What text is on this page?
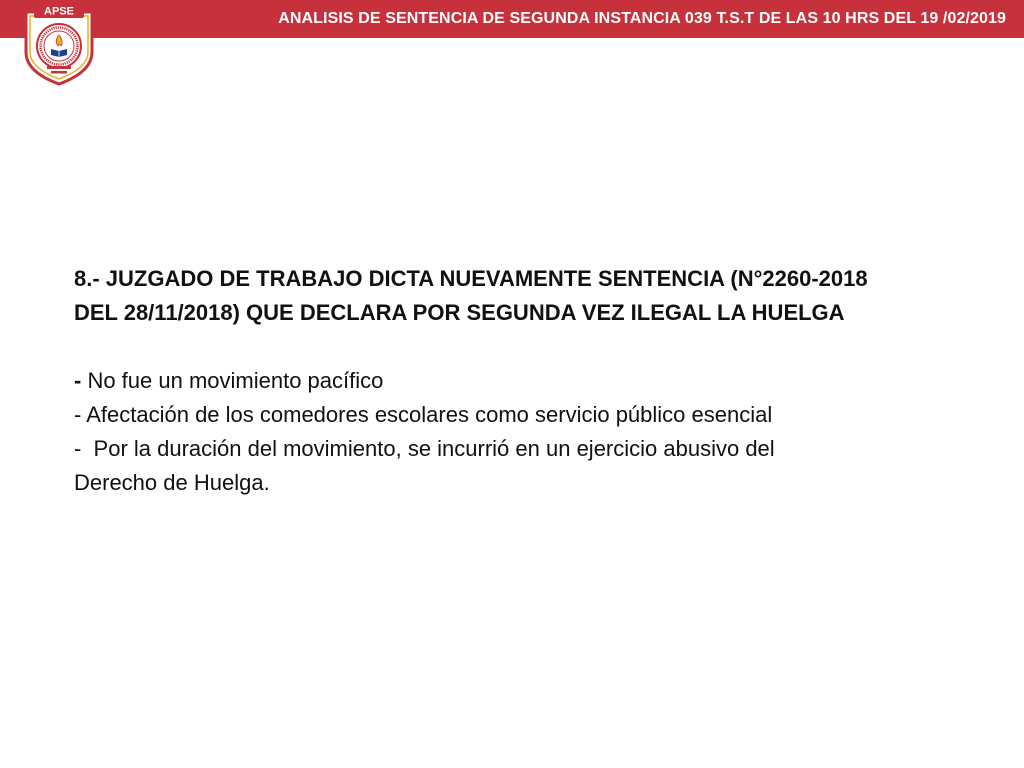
ANALISIS DE SENTENCIA DE SEGUNDA INSTANCIA 039 T.S.T DE LAS 10 HRS DEL 19 /02/2019
APSE

8.- JUZGADO DE TRABAJO DICTA NUEVAMENTE SENTENCIA (N°2260-2018
DEL 28/11/2018) QUE DECLARA POR SEGUNDA VEZ ILEGAL LA HUELGA

- No fue un movimiento pacífico

- Afectación de los comedores escolares como servicio público esencial

-  Por la duración del movimiento, se incurrió en un ejercicio abusivo del

Derecho de Huelga.
